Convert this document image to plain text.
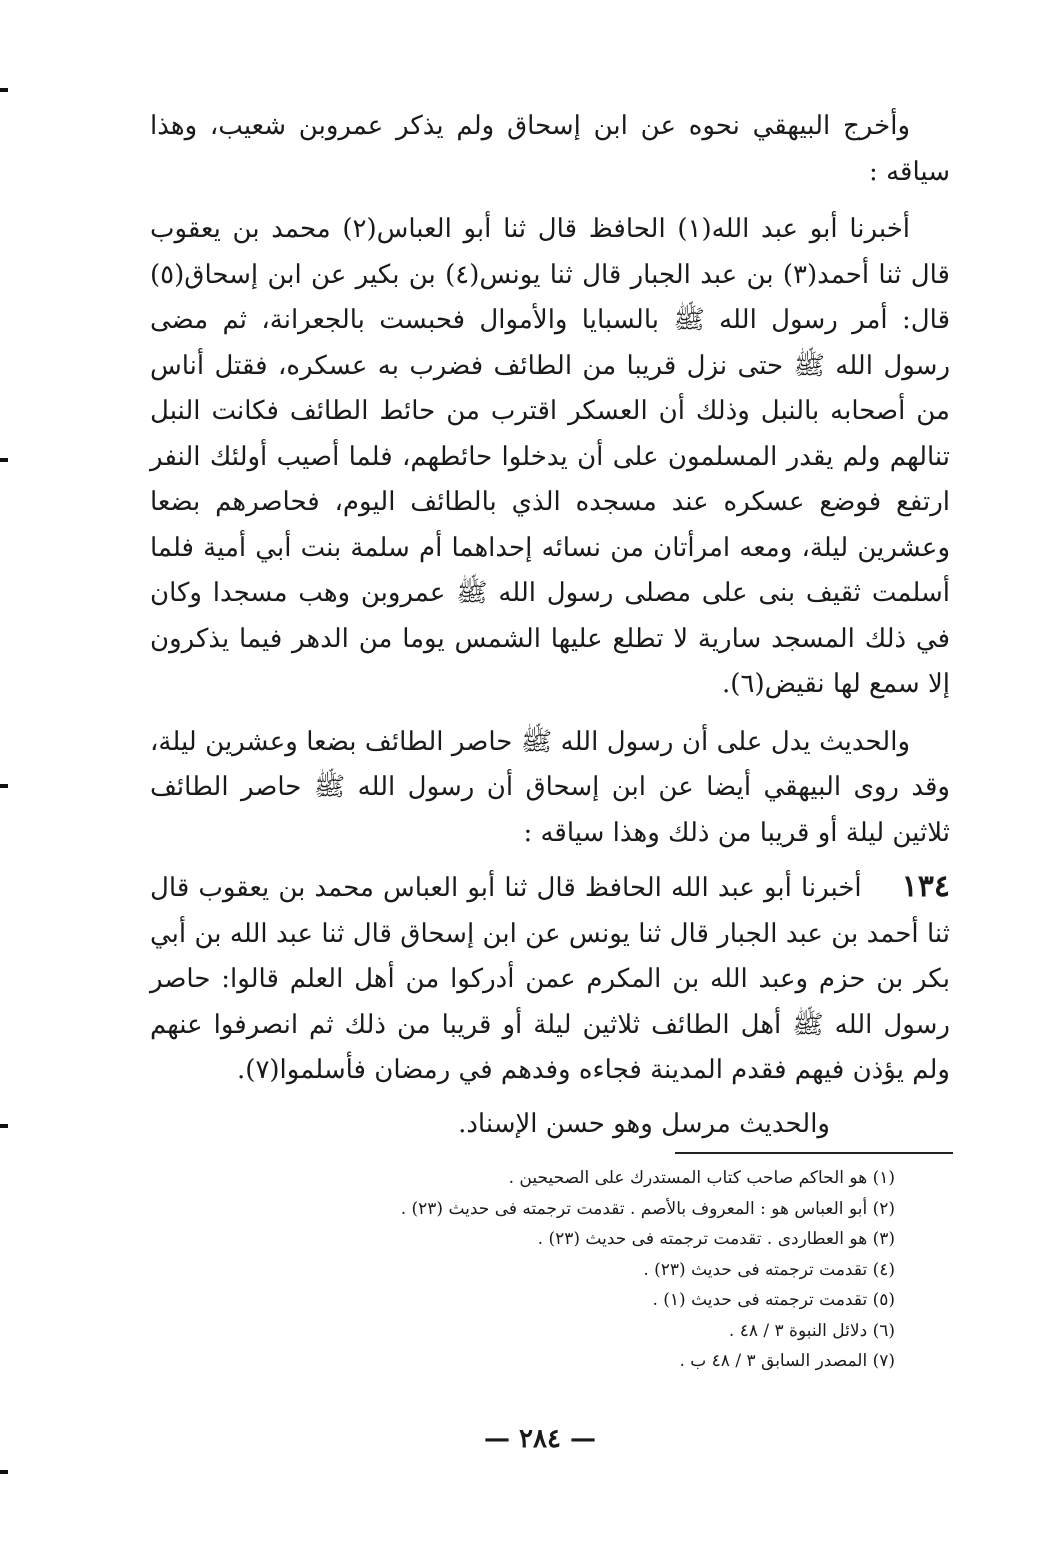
وأخرج البيهقي نحوه عن ابن إسحاق ولم يذكر عمروبن شعيب، وهذا سياقه :

أخبرنا أبو عبد الله(١) الحافظ قال ثنا أبو العباس(٢) محمد بن يعقوب قال ثنا أحمد(٣) بن عبد الجبار قال ثنا يونس(٤) بن بكير عن ابن إسحاق(٥) قال: أمر رسول الله ﷺ بالسبايا والأموال فحبست بالجعرانة، ثم مضى رسول الله ﷺ حتى نزل قريبا من الطائف فضرب به عسكره، فقتل أناس من أصحابه بالنبل وذلك أن العسكر اقترب من حائط الطائف فكانت النبل تنالهم ولم يقدر المسلمون على أن يدخلوا حائطهم، فلما أصيب أولئك النفر ارتفع فوضع عسكره عند مسجده الذي بالطائف اليوم، فحاصرهم بضعا وعشرين ليلة، ومعه امرأتان من نسائه إحداهما أم سلمة بنت أبي أمية فلما أسلمت ثقيف بنى على مصلى رسول الله ﷺ عمروبن وهب مسجدا وكان في ذلك المسجد سارية لا تطلع عليها الشمس يوما من الدهر فيما يذكرون إلا سمع لها نقيض(٦).

والحديث يدل على أن رسول الله ﷺ حاصر الطائف بضعا وعشرين ليلة، وقد روى البيهقي أيضا عن ابن إسحاق أن رسول الله ﷺ حاصر الطائف ثلاثين ليلة أو قريبا من ذلك وهذا سياقه :

١٣٤أخبرنا أبو عبد الله الحافظ قال ثنا أبو العباس محمد بن يعقوب قال ثنا أحمد بن عبد الجبار قال ثنا يونس عن ابن إسحاق قال ثنا عبد الله بن أبي بكر بن حزم وعبد الله بن المكرم عمن أدركوا من أهل العلم قالوا: حاصر رسول الله ﷺ أهل الطائف ثلاثين ليلة أو قريبا من ذلك ثم انصرفوا عنهم ولم يؤذن فيهم فقدم المدينة فجاءه وفدهم في رمضان فأسلموا(٧).

والحديث مرسل وهو حسن الإسناد.

(١) هو الحاكم صاحب كتاب المستدرك على الصحيحين .
(٢) أبو العباس هو : المعروف بالأصم . تقدمت ترجمته فى حديث (٢٣) .
(٣) هو العطاردى . تقدمت ترجمته فى حديث (٢٣) .
(٤) تقدمت ترجمته فى حديث (٢٣) .
(٥) تقدمت ترجمته فى حديث (١) .
(٦) دلائل النبوة ٣ / ٤٨ .
(٧) المصدر السابق ٣ / ٤٨ ب .
— ٢٨٤ —
